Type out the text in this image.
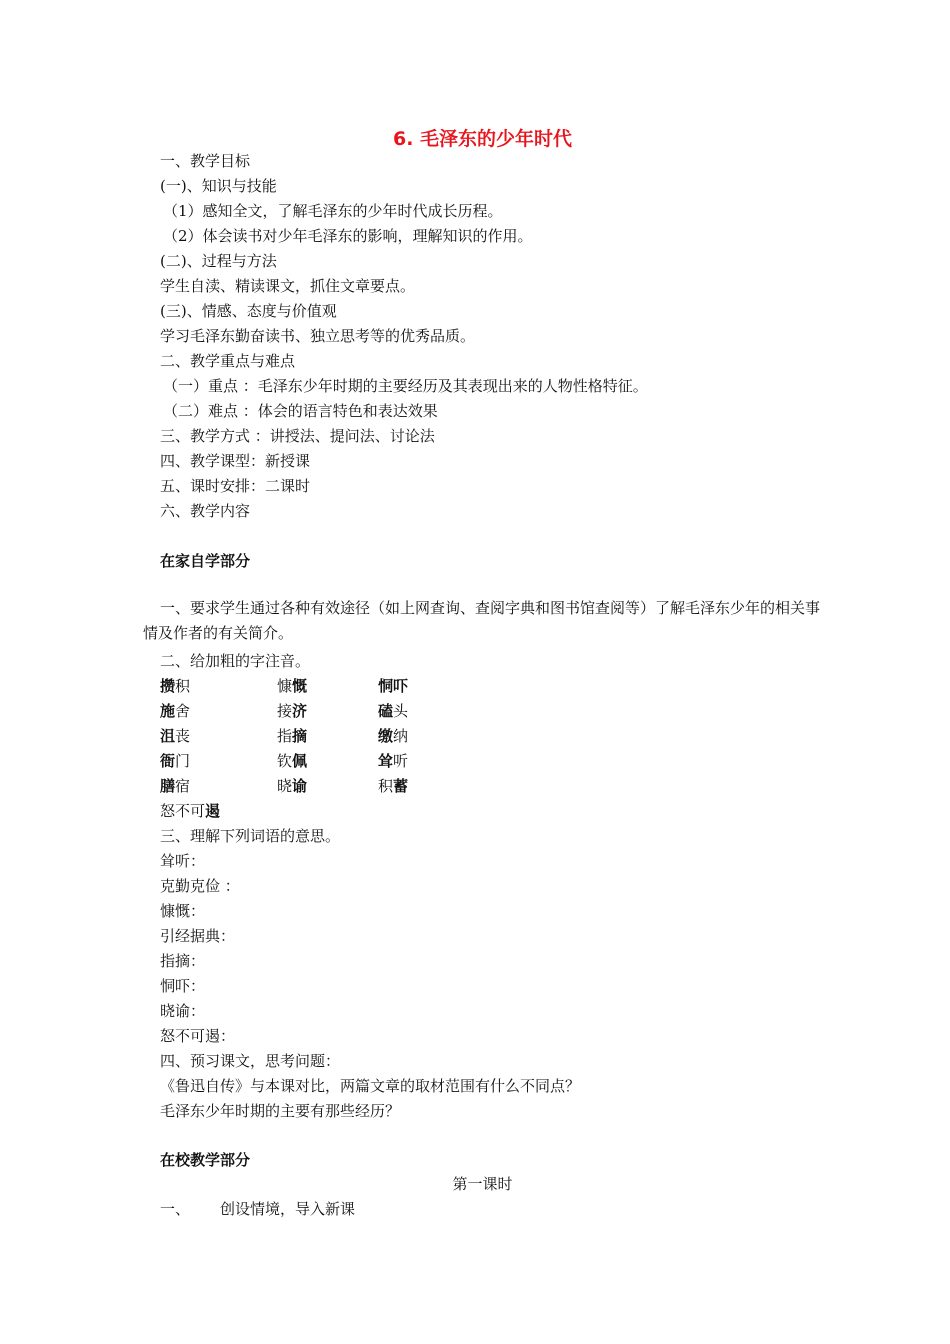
6. 毛泽东的少年时代
一、教学目标
(一)、知识与技能
（1）感知全文，了解毛泽东的少年时代成长历程。
（2）体会读书对少年毛泽东的影响，理解知识的作用。
(二)、过程与方法
学生自渎、精读课文，抓住文章要点。
(三)、情感、态度与价值观
学习毛泽东勤奋读书、独立思考等的优秀品质。
二、教学重点与难点
（一）重点 ：毛泽东少年时期的主要经历及其表现出来的人物性格特征。
（二）难点 ：体会的语言特色和表达效果
三、教学方式 ：讲授法、提问法、讨论法
四、教学课型：新授课
五、课时安排：二课时
六、教学内容
在家自学部分
一、要求学生通过各种有效途径（如上网查询、查阅字典和图书馆查阅等）了解毛泽东少年的相关事情及作者的有关简介。
二、给加粗的字注音。
攒积	慷慨	恫吓
施舍	接济	磕头
沮丧	指摘	缴纳
衙门	钦佩	耸听
膳宿	晓谕	积蓄
怒不可遏
三、理解下列词语的意思。
耸听：
克勤克俭 ：
慷慨：
引经据典：
指摘：
恫吓：
晓谕：
怒不可遏：
四、预习课文，思考问题：
《鲁迅自传》与本课对比，两篇文章的取材范围有什么不同点？
毛泽东少年时期的主要有那些经历？
在校教学部分
第一课时
一、 创设情境，导入新课
